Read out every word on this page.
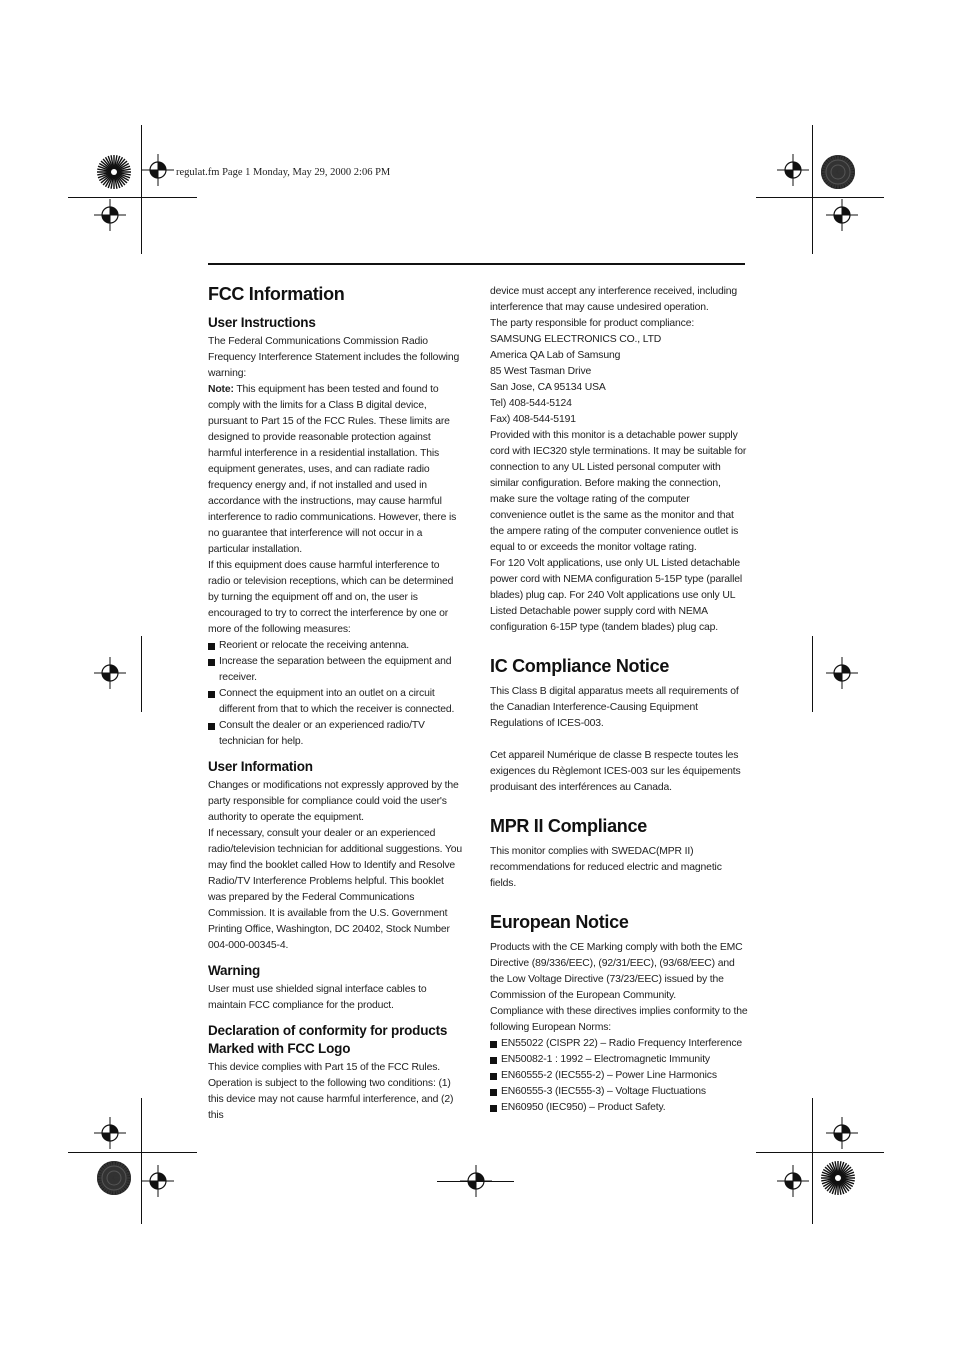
regulat.fm Page 1 Monday, May 29, 2000 2:06 PM
FCC Information
User Instructions

The Federal Communications Commission Radio Frequency Interference Statement includes the following warning:

Note: This equipment has been tested and found to comply with the limits for a Class B digital device, pursuant to Part 15 of the FCC Rules. These limits are designed to provide reasonable protection against harmful interference in a residential installation. This equipment generates, uses, and can radiate radio frequency energy and, if not installed and used in accordance with the instructions, may cause harmful interference to radio communications. However, there is no guarantee that interference will not occur in a particular installation.

If this equipment does cause harmful interference to radio or television receptions, which can be determined by turning the equipment off and on, the user is encouraged to try to correct the interference by one or more of the following measures:

Reorient or relocate the receiving antenna.
Increase the separation between the equipment and receiver.
Connect the equipment into an outlet on a circuit different from that to which the receiver is connected.
Consult the dealer or an experienced radio/TV technician for help.
User Information

Changes or modifications not expressly approved by the party responsible for compliance could void the user's authority to operate the equipment.

If necessary, consult your dealer or an experienced radio/television technician for additional suggestions. You may find the booklet called How to Identify and Resolve Radio/TV Interference Problems helpful. This booklet was prepared by the Federal Communications Commission. It is available from the U.S. Government Printing Office, Washington, DC 20402, Stock Number 004-000-00345-4.

Warning

User must use shielded signal interface cables to maintain FCC compliance for the product.

Declaration of conformity for products Marked with FCC Logo

This device complies with Part 15 of the FCC Rules. Operation is subject to the following two conditions: (1) this device may not cause harmful interference, and (2) this

device must accept any interference received, including interference that may cause undesired operation.

The party responsible for product compliance:

SAMSUNG ELECTRONICS CO., LTD

America QA Lab of Samsung

85 West Tasman Drive

San Jose, CA 95134 USA

Tel) 408-544-5124

Fax) 408-544-5191

Provided with this monitor is a detachable power supply cord with IEC320 style terminations. It may be suitable for connection to any UL Listed personal computer with similar configuration. Before making the connection, make sure the voltage rating of the computer convenience outlet is the same as the monitor and that the ampere rating of the computer convenience outlet is equal to or exceeds the monitor voltage rating.

For 120 Volt applications, use only UL Listed detachable power cord with NEMA configuration 5-15P type (parallel blades) plug cap. For 240 Volt applications use only UL Listed Detachable power supply cord with NEMA configuration 6-15P type (tandem blades) plug cap.

IC Compliance Notice

This Class B digital apparatus meets all requirements of the Canadian Interference-Causing Equipment Regulations of ICES-003.

Cet appareil Numérique de classe B respecte toutes les exigences du Règlemont ICES-003 sur les équipements produisant des interférences au Canada.

MPR II Compliance

This monitor complies with SWEDAC(MPR II) recommendations for reduced electric and magnetic fields.

European Notice

Products with the CE Marking comply with both the EMC Directive (89/336/EEC), (92/31/EEC), (93/68/EEC) and the Low Voltage Directive (73/23/EEC) issued by the Commission of the European Community.

Compliance with these directives implies conformity to the following European Norms:

EN55022 (CISPR 22) – Radio Frequency Interference
EN50082-1 : 1992 – Electromagnetic Immunity
EN60555-2 (IEC555-2) – Power Line Harmonics
EN60555-3 (IEC555-3) – Voltage Fluctuations
EN60950 (IEC950) – Product Safety.
